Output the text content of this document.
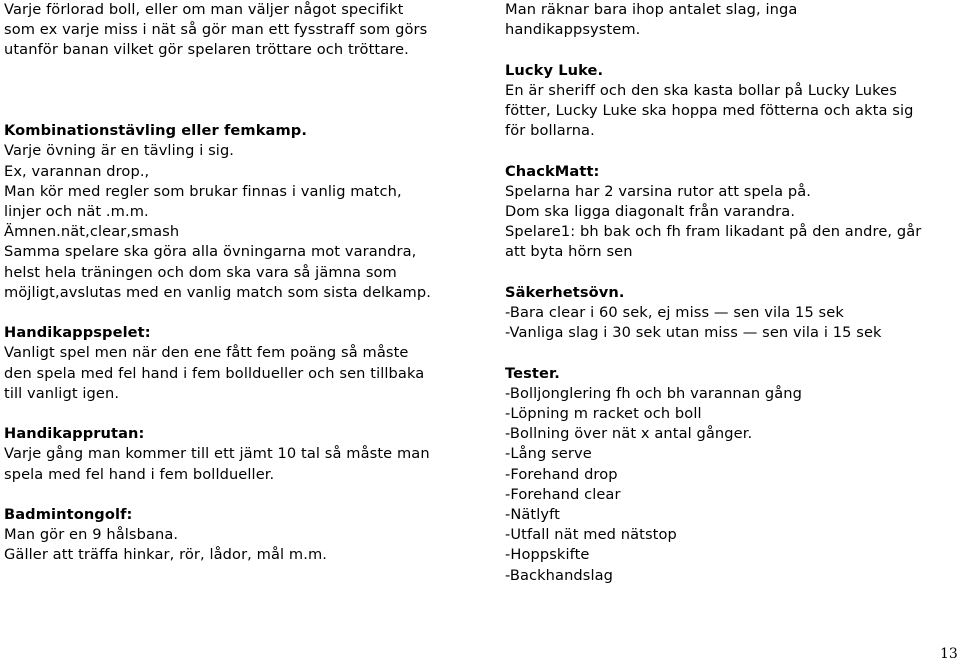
Varje förlorad boll, eller om man väljer något specifikt
som ex varje miss i nät så gör man ett fysstraff som görs
utanför banan vilket gör spelaren tröttare och tröttare.
Kombinationstävling eller femkamp.
Varje övning är en tävling i sig.
Ex, varannan drop.,
Man kör med regler som brukar finnas i vanlig match,
linjer och nät .m.m.
Ämnen.nät,clear,smash
Samma spelare ska göra alla övningarna mot varandra,
helst hela träningen och dom ska vara så jämna som
möjligt,avslutas med en vanlig match som sista delkamp.
Handikappspelet:
Vanligt spel men när den ene fått fem poäng så måste
den spela med fel hand i fem bolldueller och sen tillbaka
till vanligt igen.
Handikapprutan:
Varje gång man kommer till ett jämt 10 tal så måste man
spela med fel hand i fem bolldueller.
Badmintongolf:
Man gör en 9 hålsbana.
Gäller att träffa hinkar, rör, lådor, mål m.m.
Man räknar bara ihop antalet slag, inga
handikappsystem.
Lucky Luke.
En är sheriff och den ska kasta bollar på Lucky Lukes
fötter, Lucky Luke ska hoppa med fötterna och akta sig
för bollarna.
ChackMatt:
Spelarna har 2 varsina rutor att spela på.
Dom ska ligga diagonalt från varandra.
Spelare1: bh bak och fh fram likadant på den andre, går
att byta hörn sen
Säkerhetsövn.
-Bara clear i 60 sek, ej miss — sen vila 15 sek
-Vanliga slag i 30 sek utan miss — sen vila i 15 sek
Tester.
-Bolljonglering fh och bh varannan gång
-Löpning m racket och boll
-Bollning över nät x antal gånger.
-Lång serve
-Forehand drop
-Forehand clear
-Nätlyft
-Utfall nät med nätstop
-Hoppskifte
-Backhandslag
13
